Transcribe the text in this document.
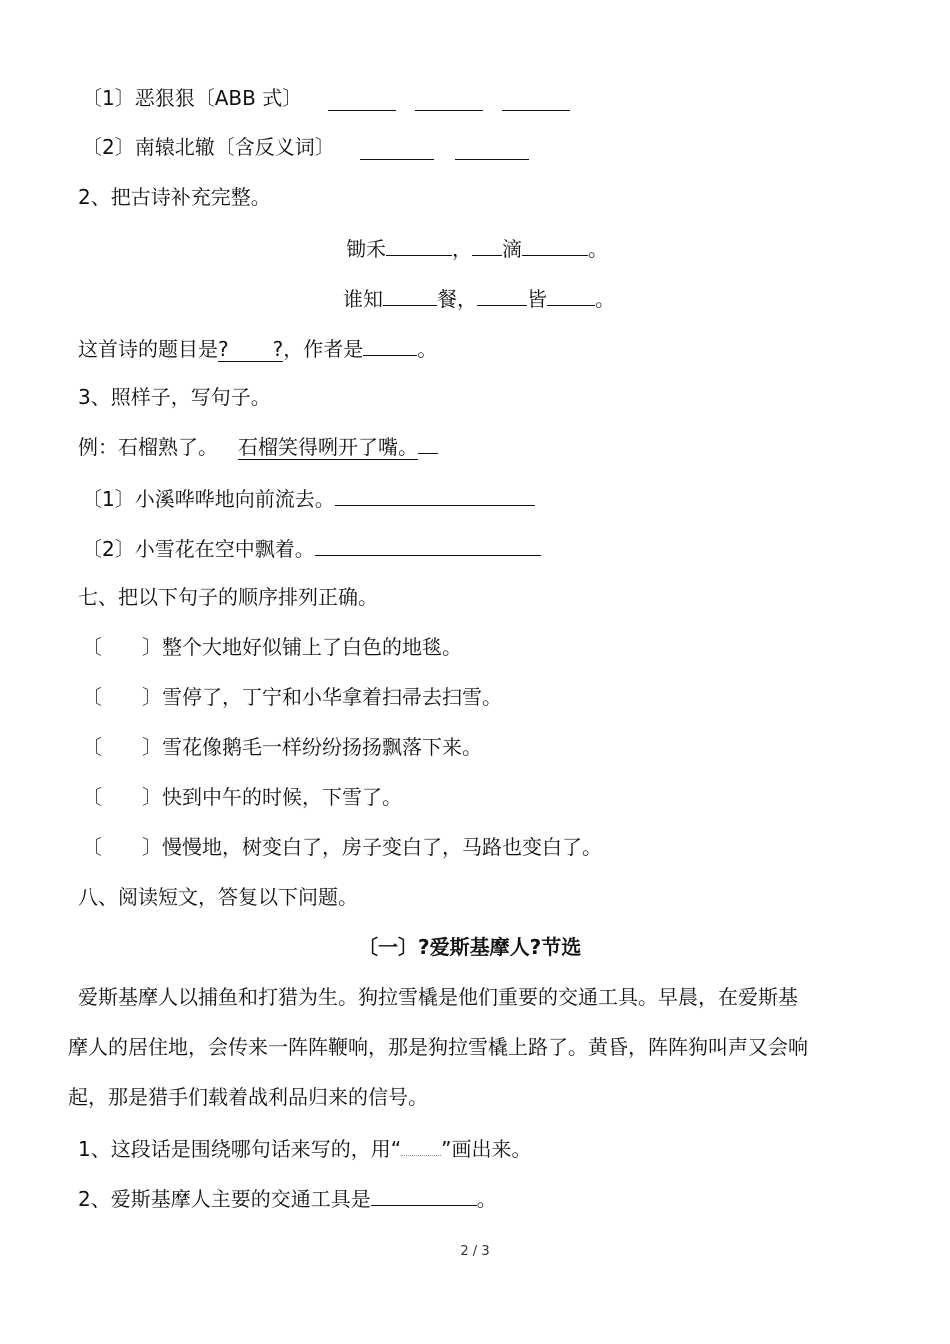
〔1〕恶狠狠〔ABB 式〕
〔2〕南辕北辙〔含反义词〕
2、把古诗补充完整。
锄禾	， 滴	。
谁知	餐，	皆 。
这首诗的题目是? ?，作者是	。
3、照样子，写句子。
例：石榴熟了。 石榴笑得咧开了嘴。
〔1〕小溪哗哗地向前流去。
〔2〕小雪花在空中飘着。
七、把以下句子的顺序排列正确。
〔　　〕整个大地好似铺上了白色的地毯。
〔　　〕雪停了，丁宁和小华拿着扫帚去扫雪。
〔　　〕雪花像鹅毛一样纷纷扬扬飘落下来。
〔　　〕快到中午的时候，下雪了。
〔　　〕慢慢地，树变白了，房子变白了，马路也变白了。
八、阅读短文，答复以下问题。
〔一〕?爱斯基摩人?节选
爱斯基摩人以捕鱼和打猎为生。狗拉雪橇是他们重要的交通工具。早晨，在爱斯基
摩人的居住地，会传来一阵阵鞭响，那是狗拉雪橇上路了。黄昏，阵阵狗叫声又会响
起，那是猎手们载着战利品归来的信号。
1、这段话是围绕哪句话来写的，用“ ”画出来。
2、爱斯基摩人主要的交通工具是	。
2 / 3
